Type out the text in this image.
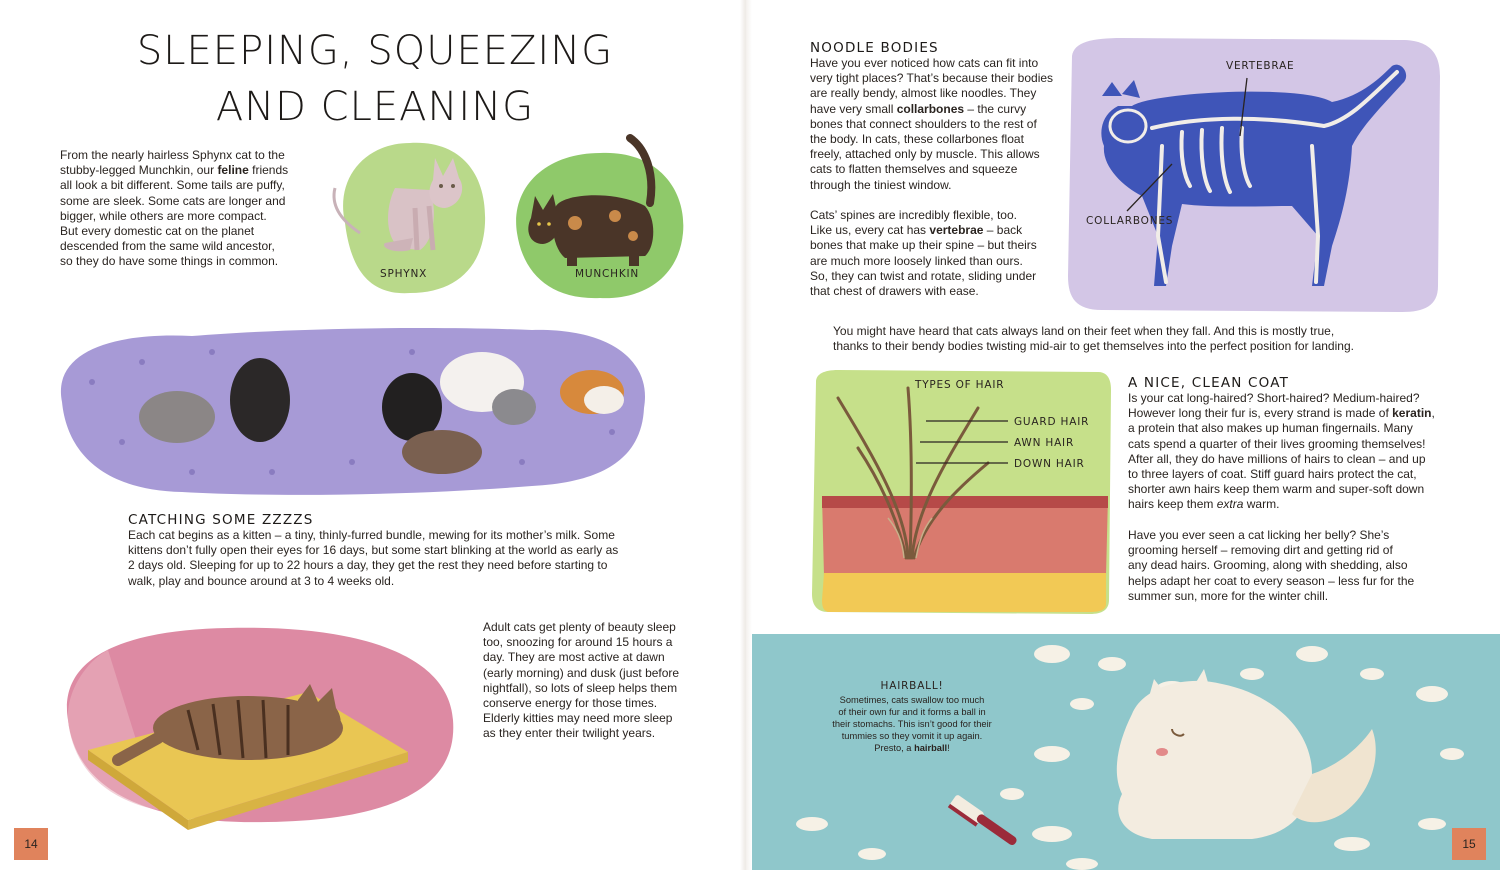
SLEEPING, SQUEEZING
AND CLEANING
From the nearly hairless Sphynx cat to the
stubby-legged Munchkin, our feline friends
all look a bit different. Some tails are puffy,
some are sleek. Some cats are longer and
bigger, while others are more compact.
But every domestic cat on the planet
descended from the same wild ancestor,
so they do have some things in common.
SPHYNX	MUNCHKIN
CATCHING SOME ZZZZS
Each cat begins as a kitten – a tiny, thinly-furred bundle, mewing for its mother’s milk. Some
kittens don’t fully open their eyes for 16 days, but some start blinking at the world as early as
2 days old. Sleeping for up to 22 hours a day, they get the rest they need before starting to
walk, play and bounce around at 3 to 4 weeks old.
Adult cats get plenty of beauty sleep
too, snoozing for around 15 hours a
day. They are most active at dawn
(early morning) and dusk (just before
nightfall), so lots of sleep helps them
conserve energy for those times.
Elderly kitties may need more sleep
as they enter their twilight years.
14
NOODLE BODIES
Have you ever noticed how cats can fit into
very tight places? That’s because their bodies
are really bendy, almost like noodles. They
have very small collarbones – the curvy
bones that connect shoulders to the rest of
the body. In cats, these collarbones float
freely, attached only by muscle. This allows
cats to flatten themselves and squeeze
through the tiniest window.
Cats’ spines are incredibly flexible, too.
Like us, every cat has vertebrae – back
bones that make up their spine – but theirs
are much more loosely linked than ours.
So, they can twist and rotate, sliding under
that chest of drawers with ease.
VERTEBRAE
COLLARBONES
You might have heard that cats always land on their feet when they fall. And this is mostly true,
thanks to their bendy bodies twisting mid-air to get themselves into the perfect position for landing.
TYPES OF HAIR
GUARD HAIR
AWN HAIR
DOWN HAIR
A NICE, CLEAN COAT
Is your cat long-haired? Short-haired? Medium-haired?
However long their fur is, every strand is made of keratin,
a protein that also makes up human fingernails. Many
cats spend a quarter of their lives grooming themselves!
After all, they do have millions of hairs to clean – and up
to three layers of coat. Stiff guard hairs protect the cat,
shorter awn hairs keep them warm and super-soft down
hairs keep them extra warm.
Have you ever seen a cat licking her belly? She’s
grooming herself – removing dirt and getting rid of
any dead hairs. Grooming, along with shedding, also
helps adapt her coat to every season – less fur for the
summer sun, more for the winter chill.
HAIRBALL!
Sometimes, cats swallow too much
of their own fur and it forms a ball in
their stomachs. This isn’t good for their
tummies so they vomit it up again.
Presto, a hairball!
15
